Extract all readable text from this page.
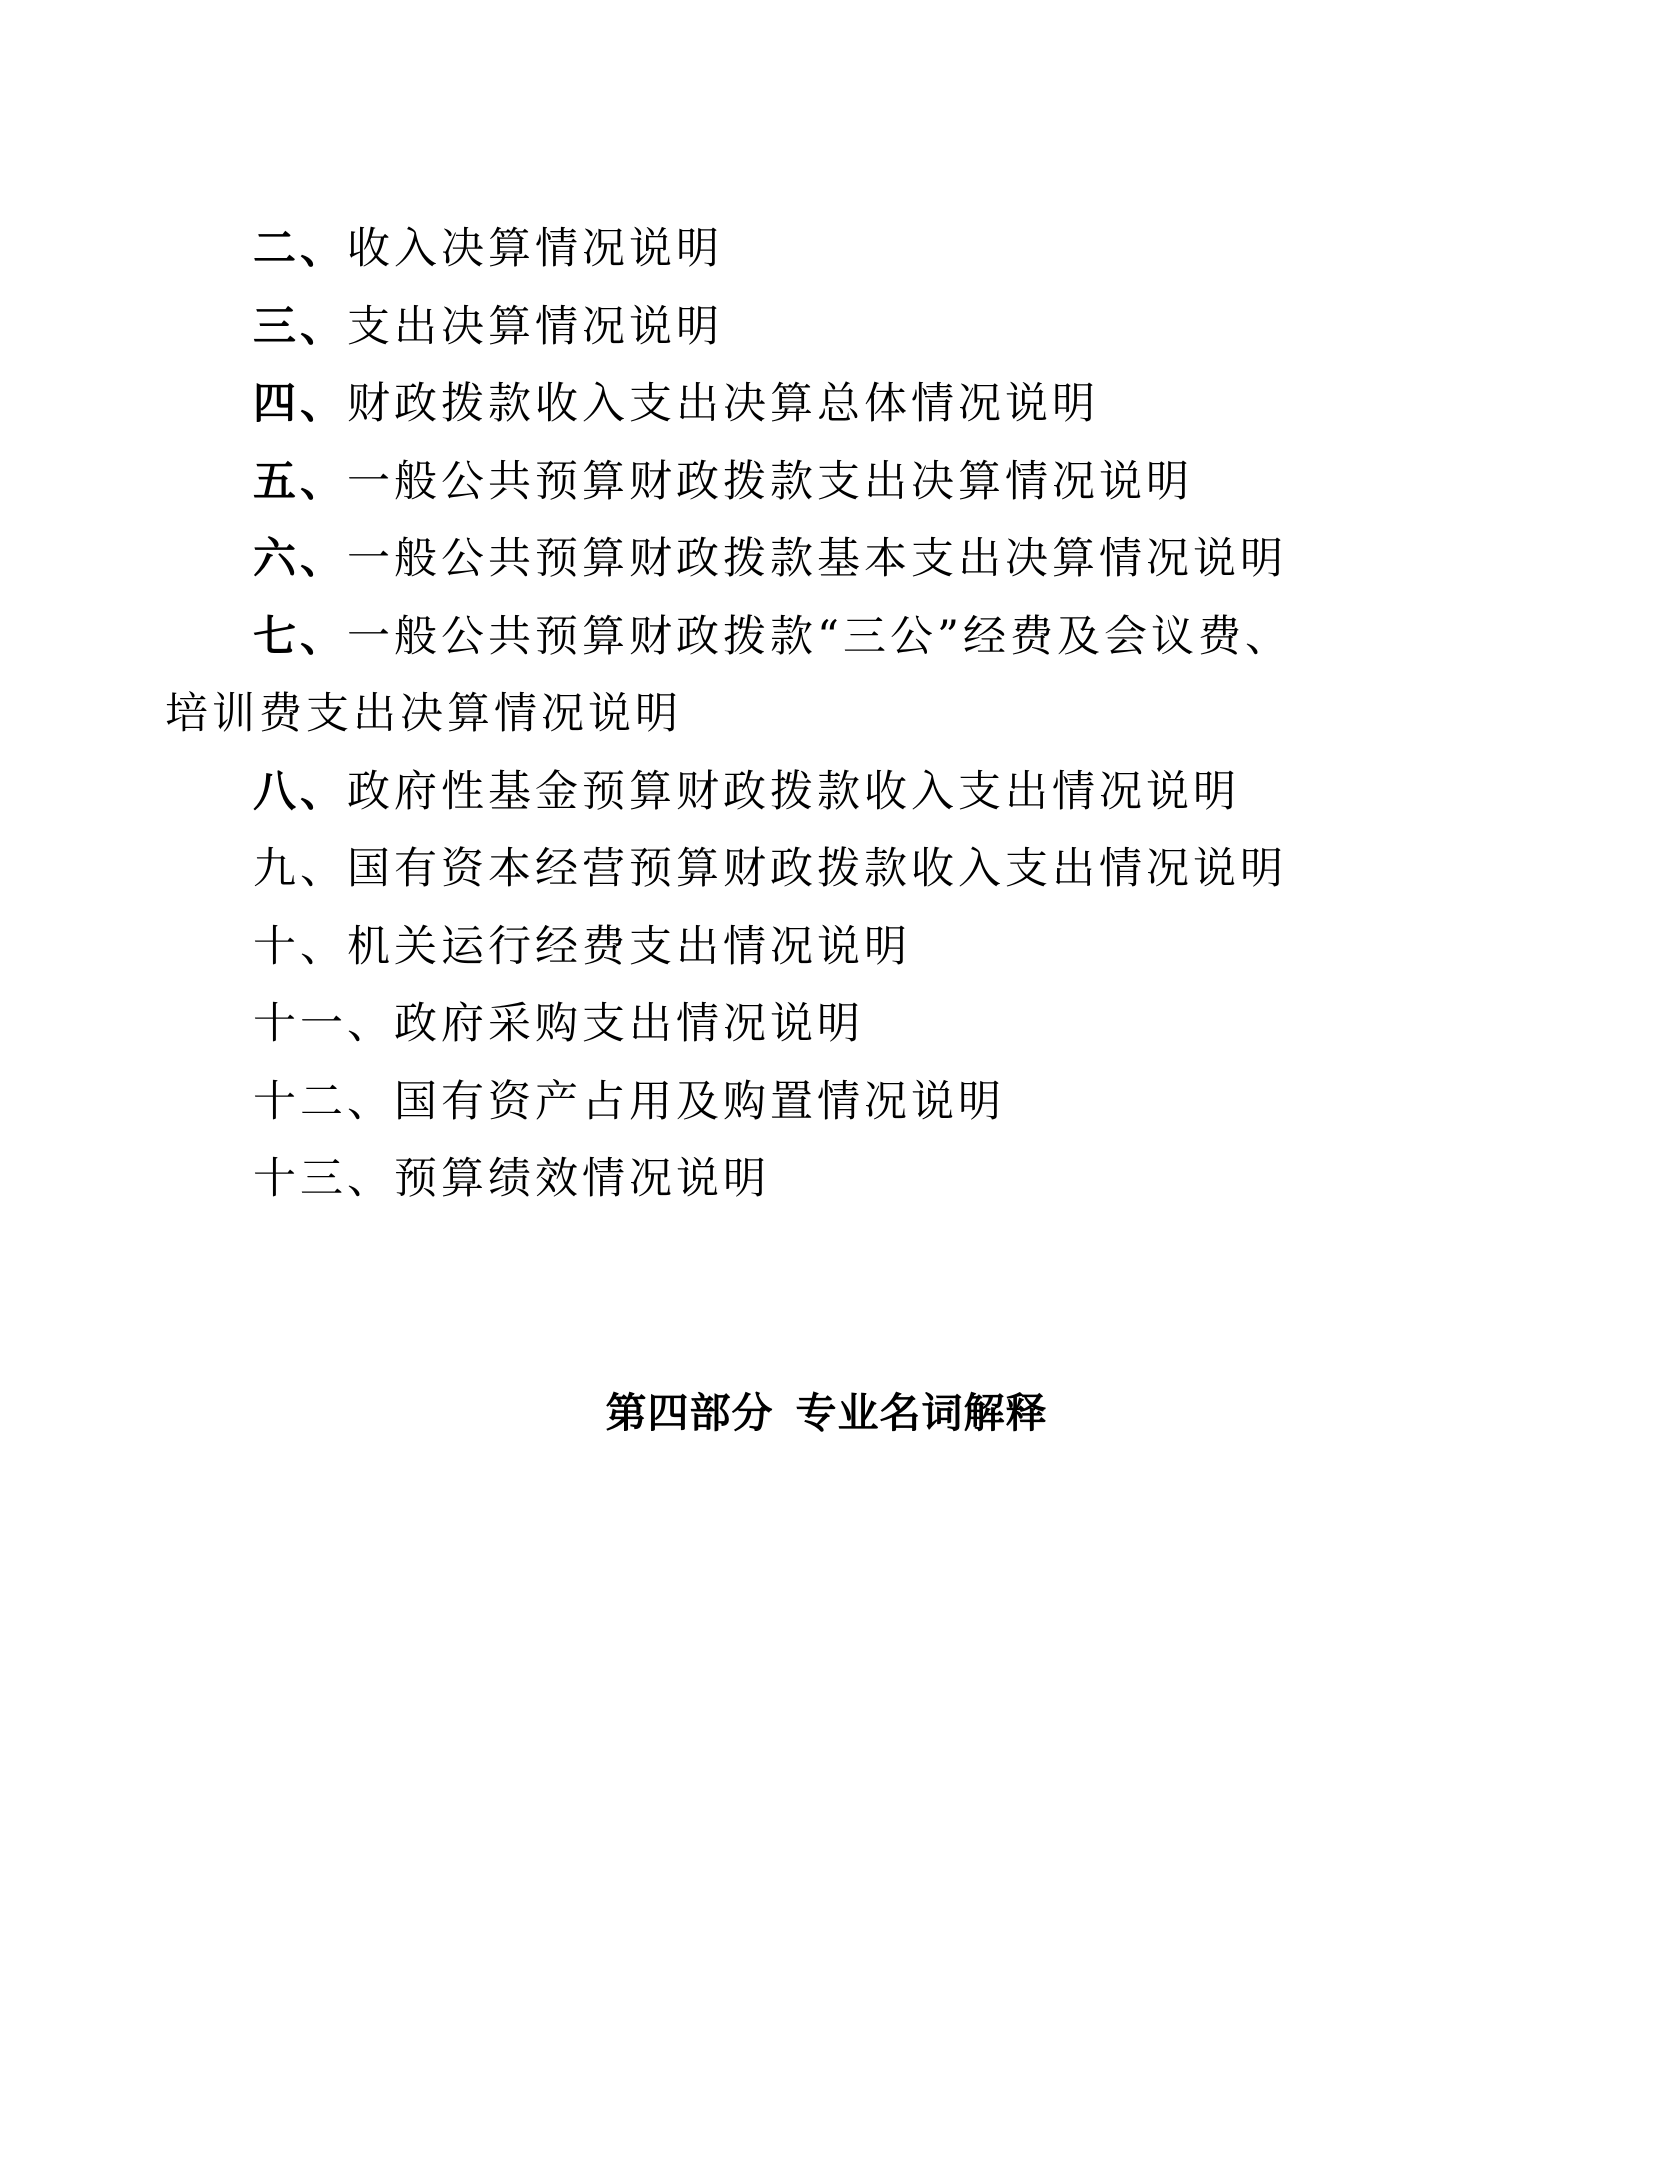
二、收入决算情况说明
三、支出决算情况说明
四、财政拨款收入支出决算总体情况说明
五、一般公共预算财政拨款支出决算情况说明
六、一般公共预算财政拨款基本支出决算情况说明
七、一般公共预算财政拨款“三公”经费及会议费、培训费支出决算情况说明
八、政府性基金预算财政拨款收入支出情况说明
九、国有资本经营预算财政拨款收入支出情况说明
十、机关运行经费支出情况说明
十一、政府采购支出情况说明
十二、国有资产占用及购置情况说明
十三、预算绩效情况说明
第四部分 专业名词解释
